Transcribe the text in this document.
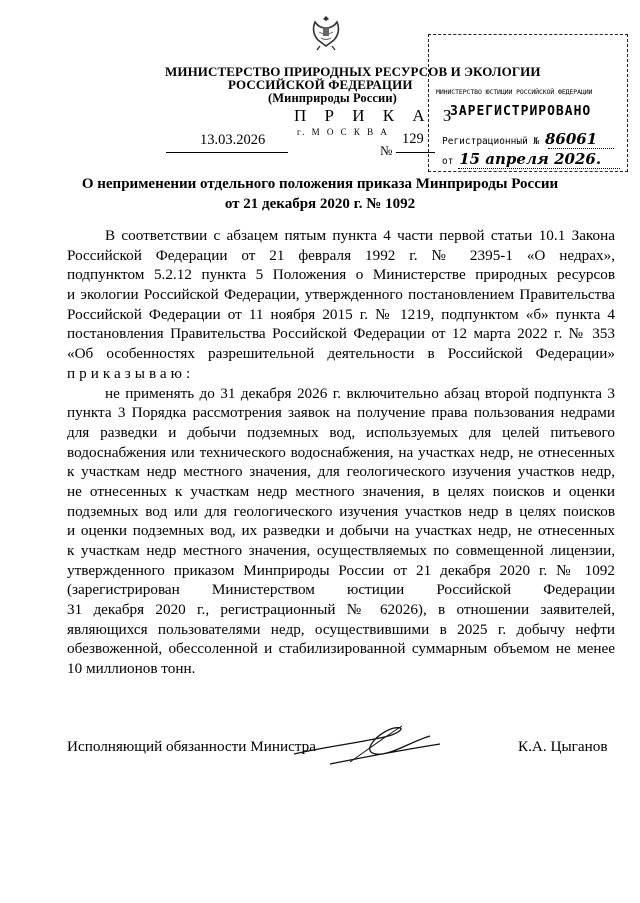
МИНИСТЕРСТВО ПРИРОДНЫХ РЕСУРСОВ И ЭКОЛОГИИ
РОССИЙСКОЙ ФЕДЕРАЦИИ
(Минприроды России)
П Р И К А З
13.03.2026	г. М О С К В А
№
129
МИНИСТЕРСТВО ЮСТИЦИИ РОССИЙСКОЙ ФЕДЕРАЦИИ
ЗАРЕГИСТРИРОВАНО
Регистрационный № 86061
от 15 апреля 2026.
О неприменении отдельного положения приказа Минприроды России
от 21 декабря 2020 г. № 1092
В соответствии с абзацем пятым пункта 4 части первой статьи 10.1 Закона
Российской Федерации от 21 февраля 1992 г. № 2395-1 «О недрах»,
подпунктом 5.2.12 пункта 5 Положения о Министерстве природных ресурсов
и экологии Российской Федерации, утвержденного постановлением Правительства
Российской Федерации от 11 ноября 2015 г. № 1219, подпунктом «б» пункта 4
постановления Правительства Российской Федерации от 12 марта 2022 г. № 353
«Об особенностях разрешительной деятельности в Российской Федерации»
приказываю:
не применять до 31 декабря 2026 г. включительно абзац второй подпункта 3
пункта 3 Порядка рассмотрения заявок на получение права пользования недрами
для разведки и добычи подземных вод, используемых для целей питьевого
водоснабжения или технического водоснабжения, на участках недр, не отнесенных
к участкам недр местного значения, для геологического изучения участков недр,
не отнесенных к участкам недр местного значения, в целях поисков и оценки
подземных вод или для геологического изучения участков недр в целях поисков
и оценки подземных вод, их разведки и добычи на участках недр, не отнесенных
к участкам недр местного значения, осуществляемых по совмещенной лицензии,
утвержденного приказом Минприроды России от 21 декабря 2020 г. № 1092
(зарегистрирован Министерством юстиции Российской Федерации
31 декабря 2020 г., регистрационный № 62026), в отношении заявителей,
являющихся пользователями недр, осуществившими в 2025 г. добычу нефти
обезвоженной, обессоленной и стабилизированной суммарным объемом не менее
10 миллионов тонн.
Исполняющий обязанности Министра	К.А. Цыганов
